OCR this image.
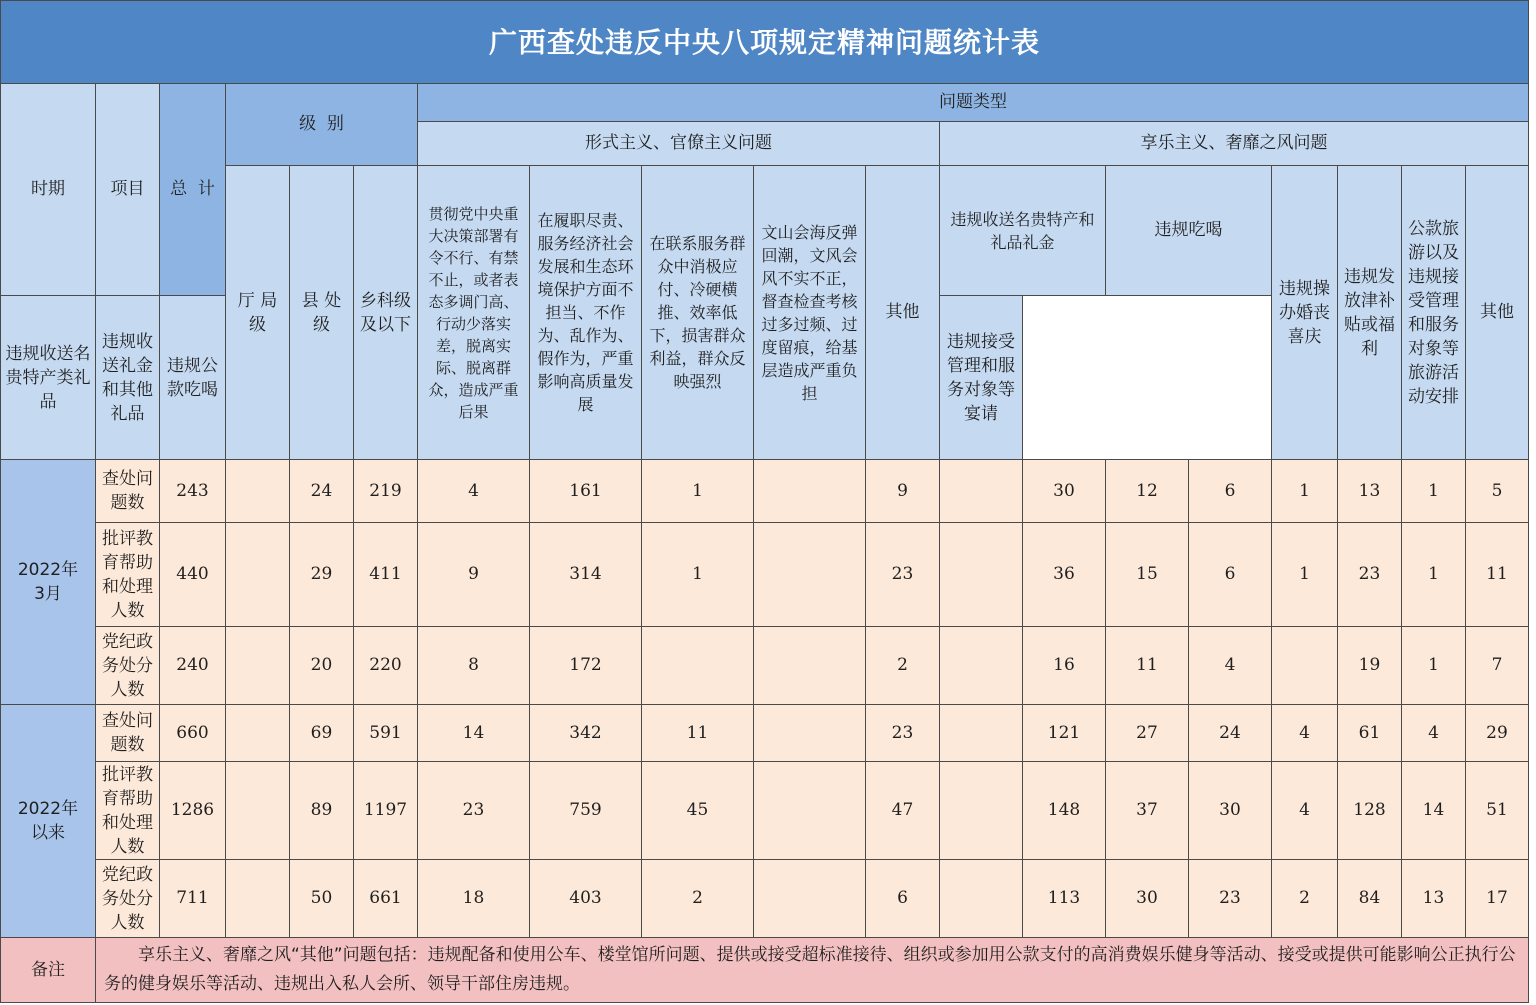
广西查处违反中央八项规定精神问题统计表																		
时期	项目	总  计	级  别			问题类型												
						形式主义、官僚主义问题					享乐主义、奢靡之风问题							
			厅 局 级	县 处 级	乡科级及以下	贯彻党中央重大决策部署有令不行、有禁不止，或者表态多调门高、行动少落实差，脱离实际、脱离群众，造成严重后果	在履职尽责、服务经济社会发展和生态环境保护方面不担当、不作为、乱作为、假作为，严重影响高质量发展	在联系服务群众中消极应付、冷硬横推、效率低下，损害群众利益，群众反映强烈	文山会海反弹回潮，文风会风不实不正，督查检查考核过多过频、过度留痕，给基层造成严重负担	其他	违规收送名贵特产和礼品礼金		违规吃喝		违规操办婚丧喜庆	违规发放津补贴或福利	公款旅游以及违规接受管理和服务对象等旅游活动安排	其他
违规收送名贵特产类礼品	违规收送礼金和其他礼品	违规公款吃喝									违规接受管理和服务对象等宴请							
2022年3月	查处问题数	243		24	219	4	161	1		9		30	12	6	1	13	1	5
	批评教育帮助和处理人数	440		29	411	9	314	1		23		36	15	6	1	23	1	11
	党纪政务处分人数	240		20	220	8	172			2		16	11	4		19	1	7
2022年以来	查处问题数	660		69	591	14	342	11		23		121	27	24	4	61	4	29
	批评教育帮助和处理人数	1286		89	1197	23	759	45		47		148	37	30	4	128	14	51
	党纪政务处分人数	711		50	661	18	403	2		6		113	30	23	2	84	13	17
备注	享乐主义、奢靡之风“其他”问题包括：违规配备和使用公车、楼堂馆所问题、提供或接受超标准接待、组织或参加用公款支付的高消费娱乐健身等活动、接受或提供可能影响公正执行公务的健身娱乐等活动、违规出入私人会所、领导干部住房违规。																	
